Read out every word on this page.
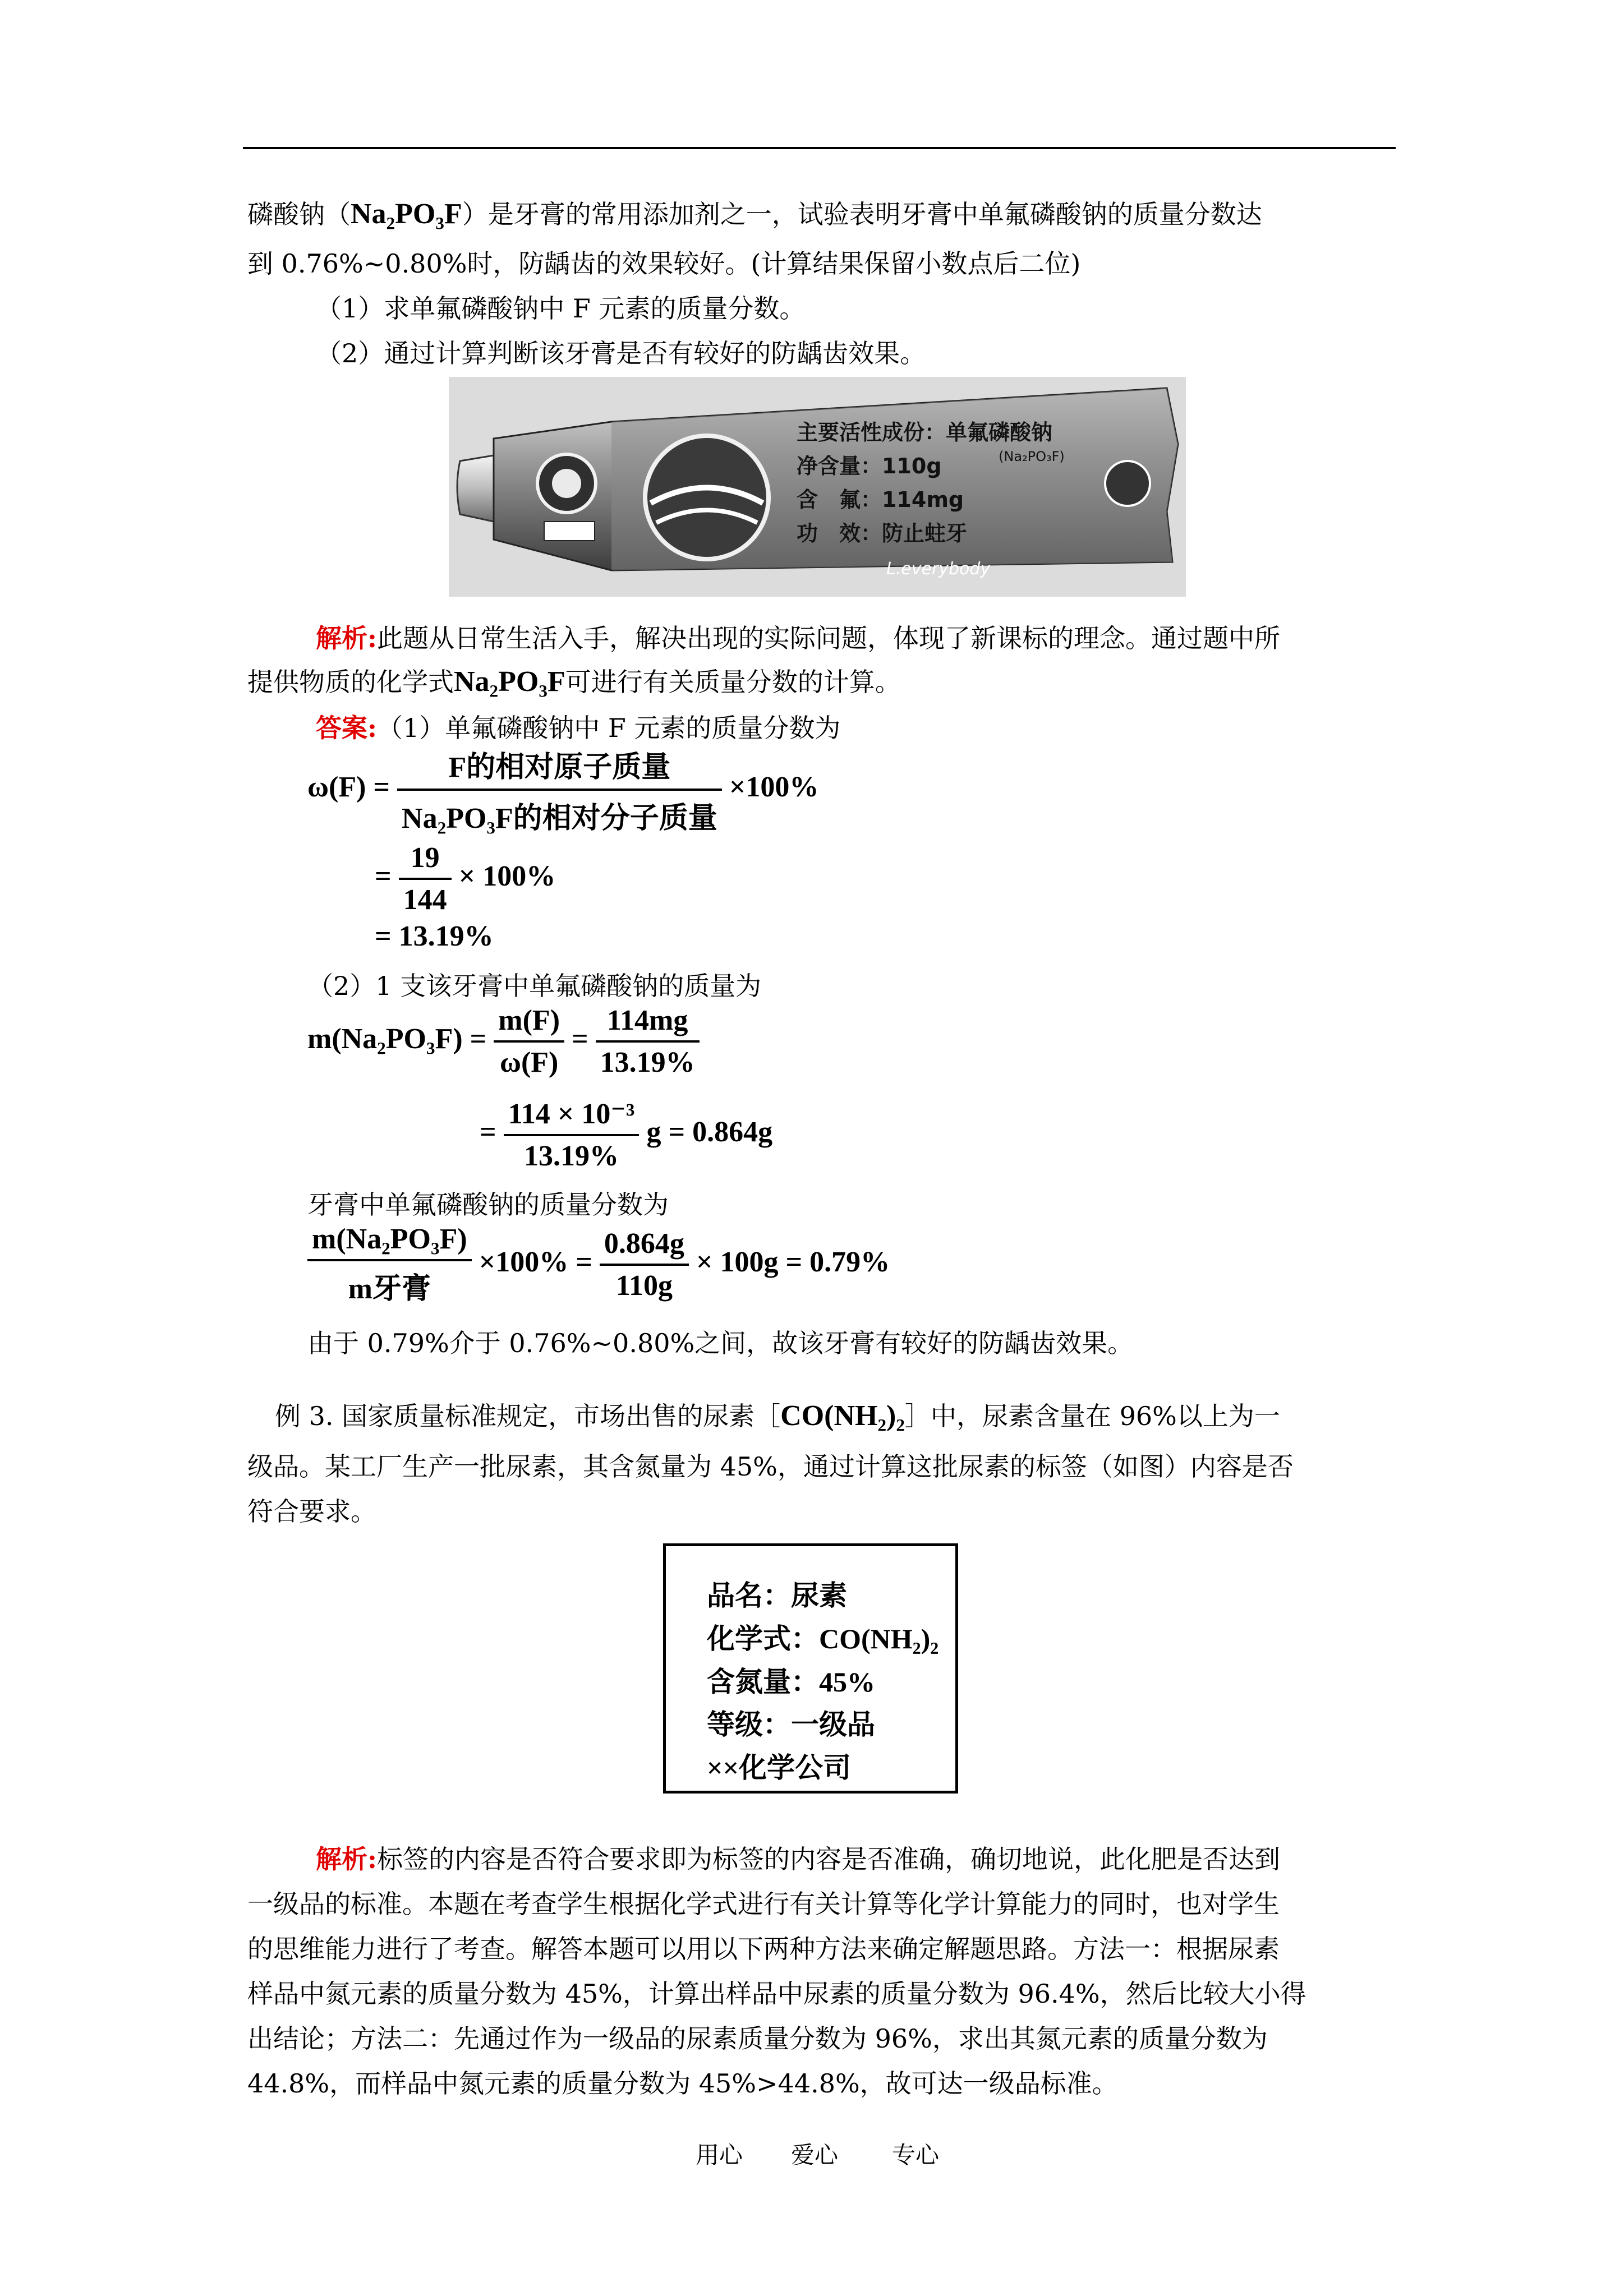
磷酸钠（Na₂PO₃F）是牙膏的常用添加剂之一，试验表明牙膏中单氟磷酸钠的质量分数达
到 0.76%~0.80%时，防龋齿的效果较好。(计算结果保留小数点后二位)
（1）求单氟磷酸钠中 F 元素的质量分数。
（2）通过计算判断该牙膏是否有较好的防龋齿效果。
主要活性成份：单氟磷酸钠
(Na₂PO₃F)
净含量：110g
含　氟：114mg
功　效：防止蛀牙
L.everybody
解析:此题从日常生活入手，解决出现的实际问题，体现了新课标的理念。通过题中所
提供物质的化学式Na₂PO₃F可进行有关质量分数的计算。
答案:（1）单氟磷酸钠中 F 元素的质量分数为
$\omega(F) = \frac{\text{F的相对原子质量}}{\text{Na₂PO₃F的相对分子质量}} \times 100\%$
= $\frac{19}{144} \times 100\%$
= 13.19%
（2）1 支该牙膏中单氟磷酸钠的质量为
$m(Na_2PO_3F) = \frac{m(F)}{\omega(F)} = \frac{114mg}{13.19\%}$
= $\frac{\text{114 × 10⁻³}}{13.19\%}$ g = 0.864g
牙膏中单氟磷酸钠的质量分数为
$\frac{\text{m(Na₂PO₃F)}}{\text{m牙膏}} \times 100\% = \frac{0.864g}{110g} \times 100g = 0.79\%$
由于 0.79%介于 0.76%~0.80%之间，故该牙膏有较好的防龋齿效果。
例 3. 国家质量标准规定，市场出售的尿素［CO(NH₂)₂］中，尿素含量在 96%以上为一
级品。某工厂生产一批尿素，其含氮量为 45%，通过计算这批尿素的标签（如图）内容是否
符合要求。
品名：尿素
化学式：CO(NH₂)₂
含氮量：45%
等级：一级品
××化学公司
解析:标签的内容是否符合要求即为标签的内容是否准确，确切地说，此化肥是否达到
一级品的标准。本题在考查学生根据化学式进行有关计算等化学计算能力的同时，也对学生
的思维能力进行了考查。解答本题可以用以下两种方法来确定解题思路。方法一：根据尿素
样品中氮元素的质量分数为 45%，计算出样品中尿素的质量分数为 96.4%，然后比较大小得
出结论；方法二：先通过作为一级品的尿素质量分数为 96%，求出其氮元素的质量分数为
44.8%，而样品中氮元素的质量分数为 45%>44.8%，故可达一级品标准。
用心 爱心 专心
